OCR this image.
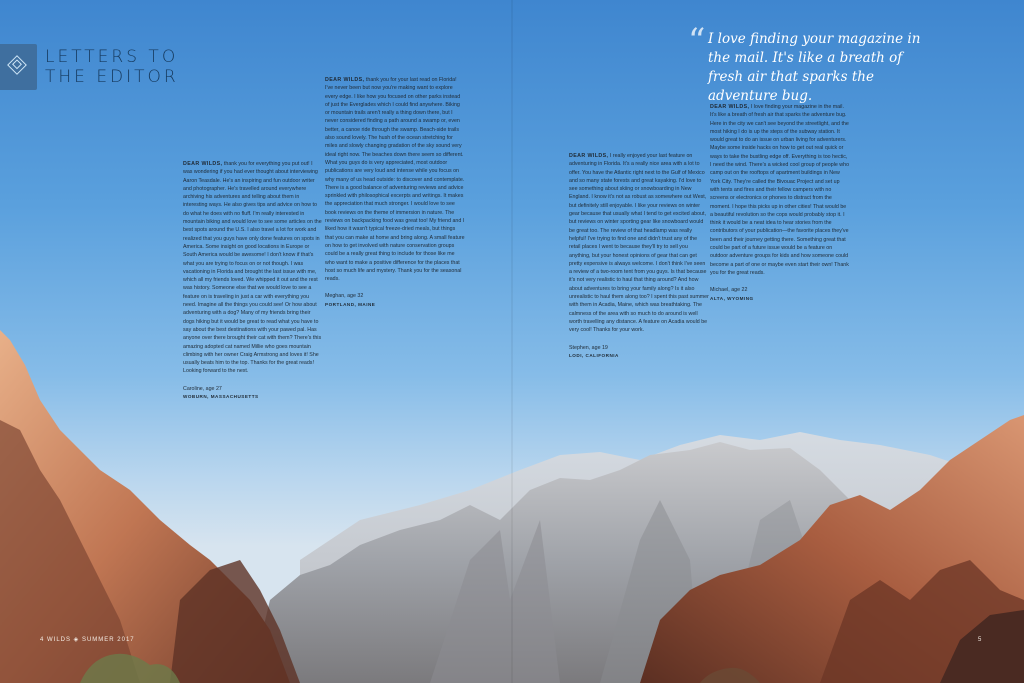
LETTERS TO
THE EDITOR
“ I love finding your magazine in the mail. It's like a breath of fresh air that sparks the adventure bug.

DEAR WILDS, thank you for everything you put out! I was wondering if you had ever thought about interviewing Aaron Teasdale. He's an inspiring and fun outdoor writer and photographer. He's travelled around everywhere archiving his adventures and telling about them in interesting ways. He also gives tips and advice on how to do what he does with no fluff. I'm really interested in mountain biking and would love to see some articles on the best spots around the U.S. I also travel a lot for work and realized that you guys have only done features on spots in America. Some insight on good locations in Europe or South America would be awesome! I don't know if that's what you are trying to focus on or not though. I was vacationing in Florida and brought the last issue with me, which all my friends loved. We whipped it out and the rest was history. Someone else that we would love to see a feature on is traveling in just a car with everything you need. Imagine all the things you could see! Or how about adventuring with a dog? Many of my friends bring their dogs hiking but it would be great to read what you have to say about the best destinations with your pawed pal. Has anyone over there brought their cat with them? There's this amazing adopted cat named Millie who goes mountain climbing with her owner Craig Armstrong and loves it! She usually beats him to the top. Thanks for the great reads! Looking forward to the next.

Caroline, age 27
WOBURN, MASSACHUSETTS

DEAR WILDS, thank you for your last read on Florida! I've never been but now you're making want to explore every edge. I like how you focused on other parks instead of just the Everglades which I could find anywhere. Biking or mountain trails aren't really a thing down there, but I never considered finding a path around a swamp or, even better, a canoe ride through the swamp. Beach-side trails also sound lovely. The hush of the ocean stretching for miles and slowly changing gradation of the sky sound very ideal right now. The beaches down there seem so different. What you guys do is very appreciated, most outdoor publications are very loud and intense while you focus on why many of us head outside: to discover and contemplate. There is a good balance of adventuring reviews and advice sprinkled with philosophical excerpts and writings. It makes the appreciation that much stronger. I would love to see book reviews on the theme of immersion in nature. The reviews on backpacking food was great too! My friend and I liked how it wasn't typical freeze-dried meals, but things that you can make at home and bring along. A small feature on how to get involved with nature conservation groups could be a really great thing to include for those like me who want to make a positive difference for the places that host so much life and mystery. Thank you for the seasonal reads.

Meghan, age 32
PORTLAND, MAINE

DEAR WILDS, I really enjoyed your last feature on adventuring in Florida. It's a really nice area with a lot to offer. You have the Atlantic right next to the Gulf of Mexico and so many state forests and great kayaking. I'd love to see something about skiing or snowboarding in New England. I know it's not as robust as somewhere out West, but definitely still enjoyable. I like your reviews on winter gear because that usually what I tend to get excited about, but reviews on winter sporting gear like snowboard would be great too. The review of that headlamp was really helpful! I've trying to find one and didn't trust any of the retail places I went to because they'll try to sell you anything, but your honest opinions of gear that can get pretty expensive is always welcome. I don't think I've seen a review of a two-room tent from you guys. Is that because it's not very realistic to haul that thing around? And how about adventures to bring your family along? Is it also unrealistic to haul them along too? I spent this past summer with them in Acadia, Maine, which was breathtaking. The calmness of the area with so much to do around is well worth travelling any distance. A feature on Acadia would be very cool! Thanks for your work.

Stephen, age 19
LODI, CALIFORNIA

DEAR WILDS, I love finding your magazine in the mail. It's like a breath of fresh air that sparks the adventure bug. Here in the city we can't see beyond the streetlight, and the most hiking I do is up the steps of the subway station. It would great to do an issue on urban living for adventurers. Maybe some inside hacks on how to get out real quick or ways to take the bustling edge off. Everything is too hectic, I need the wind. There's a wicked cool group of people who camp out on the rooftops of apartment buildings in New York City. They're called the Bivouac Project and set up with tents and fires and their fellow campers with no screens or electronics or phones to distract from the moment. I hope this picks up in other cities! That would be a beautiful revolution so the cops would probably stop it. I think it would be a neat idea to hear stories from the contributors of your publication—the favorite places they've been and their journey getting there. Something great that could be part of a future issue would be a feature on outdoor adventure groups for kids and how someone could become a part of one or maybe even start their own! Thank you for the great reads.

Michael, age 22
ALTA, WYOMING
4 WILDS ◈ SUMMER 2017	5
